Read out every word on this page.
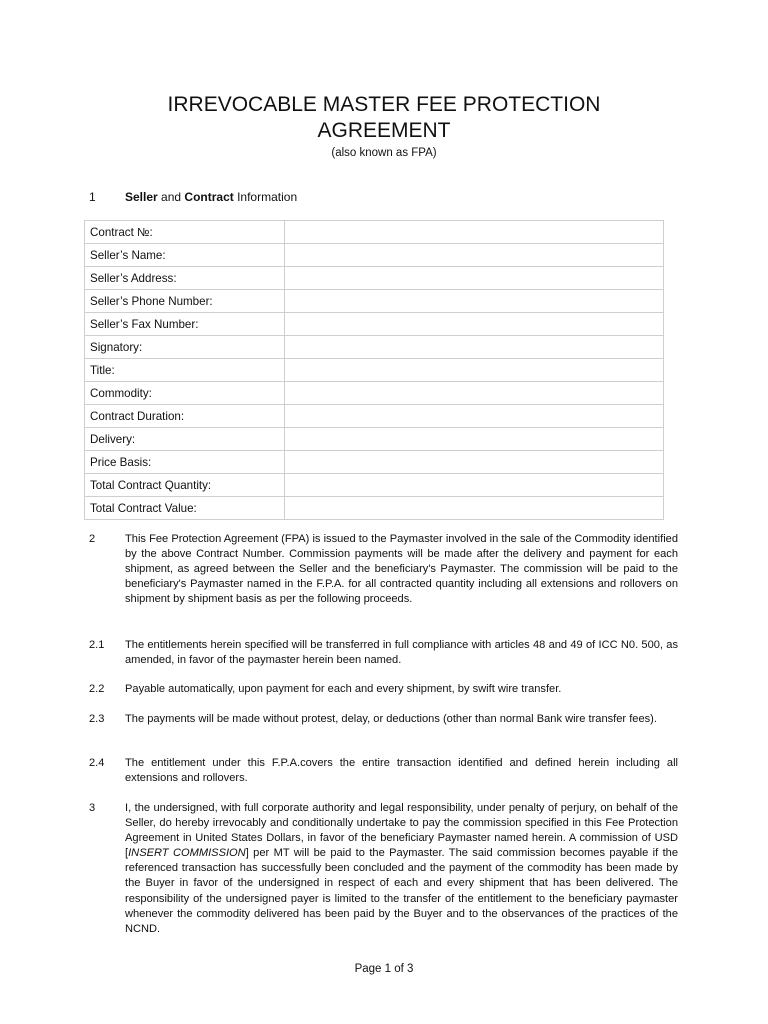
IRREVOCABLE MASTER FEE PROTECTION
AGREEMENT
(also known as FPA)
1 Seller and Contract Information
Contract №:	
Seller’s Name:	
Seller’s Address:	
Seller’s Phone Number:	
Seller’s Fax Number:	
Signatory:	
Title:	
Commodity:	
Contract Duration:	
Delivery:	
Price Basis:	
Total Contract Quantity:	
Total Contract Value:	
2	This Fee Protection Agreement (FPA) is issued to the Paymaster involved in the sale of the Commodity identified by the above Contract Number. Commission payments will be made after the delivery and payment for each shipment, as agreed between the Seller and the beneficiary's Paymaster. The commission will be paid to the beneficiary's Paymaster named in the F.P.A. for all contracted quantity including all extensions and rollovers on shipment by shipment basis as per the following proceeds.
2.1	The entitlements herein specified will be transferred in full compliance with articles 48 and 49 of ICC N0. 500, as amended, in favor of the paymaster herein been named.
2.2	Payable automatically, upon payment for each and every shipment, by swift wire transfer.
2.3	The payments will be made without protest, delay, or deductions (other than normal Bank wire transfer fees).
2.4	The entitlement under this F.P.A.covers the entire transaction identified and defined herein including all extensions and rollovers.
3	I, the undersigned, with full corporate authority and legal responsibility, under penalty of perjury, on behalf of the Seller, do hereby irrevocably and conditionally undertake to pay the commission specified in this Fee Protection Agreement in United States Dollars, in favor of the beneficiary Paymaster named herein. A commission of USD [INSERT COMMISSION] per MT will be paid to the Paymaster. The said commission becomes payable if the referenced transaction has successfully been concluded and the payment of the commodity has been made by the Buyer in favor of the undersigned in respect of each and every shipment that has been delivered. The responsibility of the undersigned payer is limited to the transfer of the entitlement to the beneficiary paymaster whenever the commodity delivered has been paid by the Buyer and to the observances of the practices of the NCND.
Page 1 of 3
